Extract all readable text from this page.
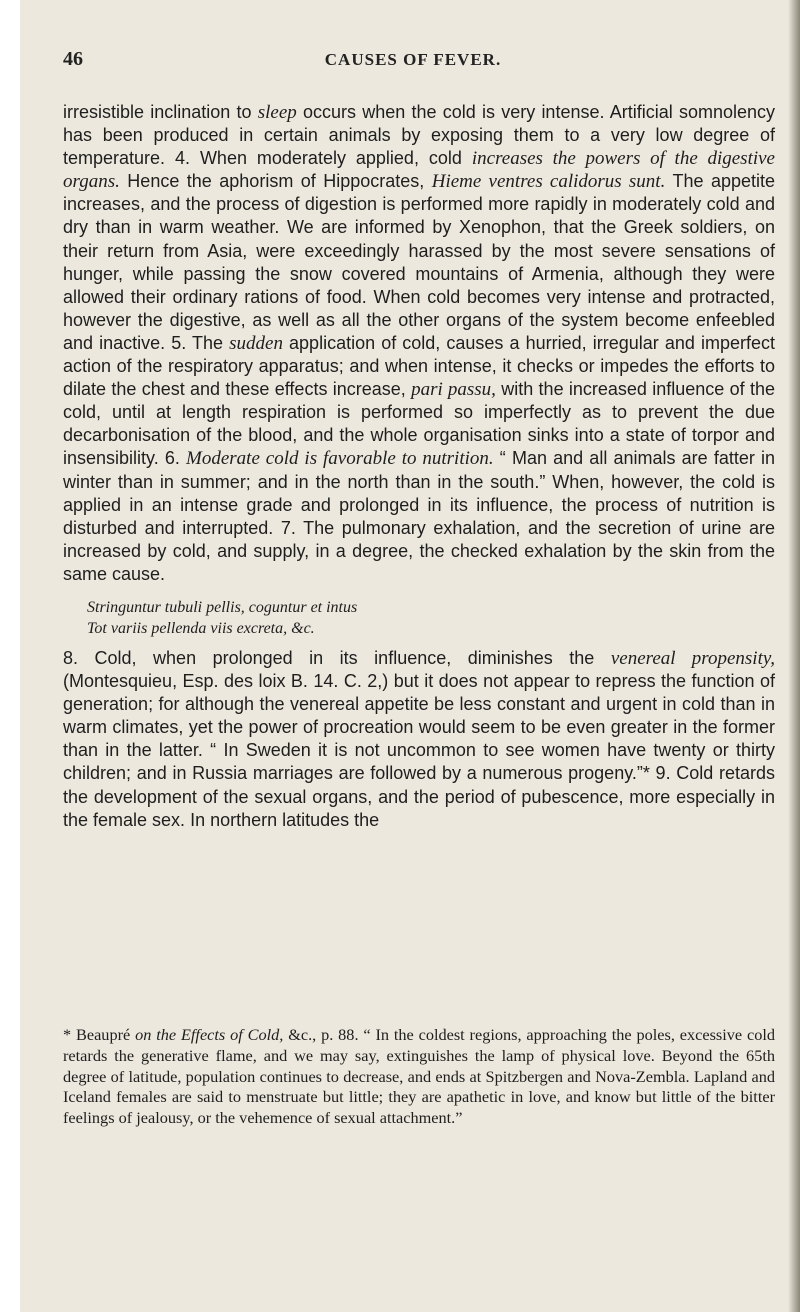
46	CAUSES OF FEVER.

irresistible inclination to sleep occurs when the cold is very intense. Artificial somnolency has been produced in certain animals by exposing them to a very low degree of temperature. 4. When moderately applied, cold increases the powers of the digestive organs. Hence the aphorism of Hippocrates, Hieme ventres calidorus sunt. The appetite increases, and the process of digestion is performed more rapidly in moderately cold and dry than in warm weather. We are informed by Xenophon, that the Greek soldiers, on their return from Asia, were exceedingly harassed by the most severe sensations of hunger, while passing the snow covered mountains of Armenia, although they were allowed their ordinary rations of food. When cold becomes very intense and protracted, however the digestive, as well as all the other organs of the system become enfeebled and inactive. 5. The sudden application of cold, causes a hurried, irregular and imperfect action of the respiratory apparatus; and when intense, it checks or impedes the efforts to dilate the chest and these effects increase, pari passu, with the increased influence of the cold, until at length respiration is performed so imperfectly as to prevent the due decarbonisation of the blood, and the whole organisation sinks into a state of torpor and insensibility. 6. Moderate cold is favorable to nutrition. “ Man and all animals are fatter in winter than in summer; and in the north than in the south.” When, however, the cold is applied in an intense grade and prolonged in its influence, the process of nutrition is disturbed and interrupted. 7. The pulmonary exhalation, and the secretion of urine are increased by cold, and supply, in a degree, the checked exhalation by the skin from the same cause.

Stringuntur tubuli pellis, coguntur et intus
Tot variis pellenda viis excreta, &c.

8. Cold, when prolonged in its influence, diminishes the venereal propensity, (Montesquieu, Esp. des loix B. 14. C. 2,) but it does not appear to repress the function of generation; for although the venereal appetite be less constant and urgent in cold than in warm climates, yet the power of procreation would seem to be even greater in the former than in the latter. “ In Sweden it is not uncommon to see women have twenty or thirty children; and in Russia marriages are followed by a numerous progeny.”* 9. Cold retards the development of the sexual organs, and the period of pubescence, more especially in the female sex. In northern latitudes the

* Beaupré on the Effects of Cold, &c., p. 88. “ In the coldest regions, approaching the poles, excessive cold retards the generative flame, and we may say, extinguishes the lamp of physical love. Beyond the 65th degree of latitude, population continues to decrease, and ends at Spitzbergen and Nova-Zembla. Lapland and Iceland females are said to menstruate but little; they are apathetic in love, and know but little of the bitter feelings of jealousy, or the vehemence of sexual attachment.”
